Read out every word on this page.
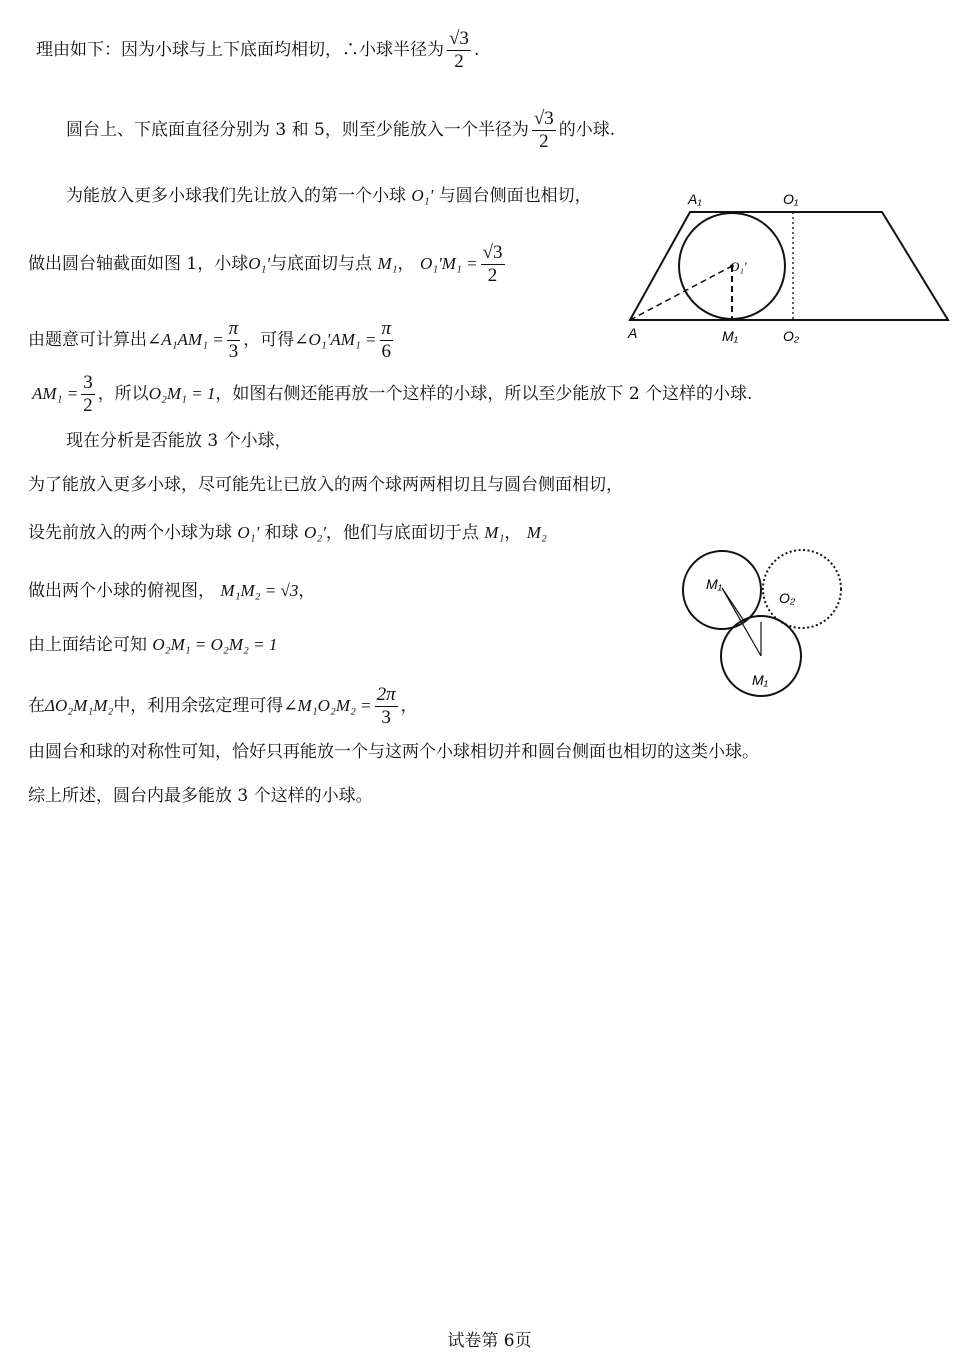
理由如下：因为小球与上下底面均相切，∴小球半径为 $\frac{√3}{2}$ .
圆台上、下底面直径分别为 3 和 5，则至少能放入一个半径为 $\frac{√3}{2}$ 的小球.
为能放入更多小球我们先让放入的第一个小球 O₁' 与圆台侧面也相切，
做出圆台轴截面如图 1，小球O₁'与底面切与点 M₁， $O_1'M_1 = \frac{√3}{2}$
由题意可计算出∠A₁AM₁ = $\frac{\pi}{3}$ ，可得∠O₁'AM₁ = $\frac{\pi}{6}$
$AM_1 = \frac{3}{2}$ ，所以O₂M₁ = 1，如图右侧还能再放一个这样的小球，所以至少能放下 2 个这样的小球.
现在分析是否能放 3 个小球，
为了能放入更多小球，尽可能先让已放入的两个球两两相切且与圆台侧面相切，
设先前放入的两个小球为球 O₁' 和球 O₂'，他们与底面切于点 M₁， M₂
做出两个小球的俯视图， M₁M₂ = √3，
由上面结论可知 O₂M₁ = O₂M₂ = 1
在ΔO₂M₁M₂中，利用余弦定理可得∠M₁O₂M₂ = $\frac{2\pi}{3}$ ，
由圆台和球的对称性可知，恰好只再能放一个与这两个小球相切并和圆台侧面也相切的这类小球。
综上所述，圆台内最多能放 3 个这样的小球。
A₁	O₁
O₁'
A	M₁	O₂
M₁
O₂
M₁
试卷第 6页
